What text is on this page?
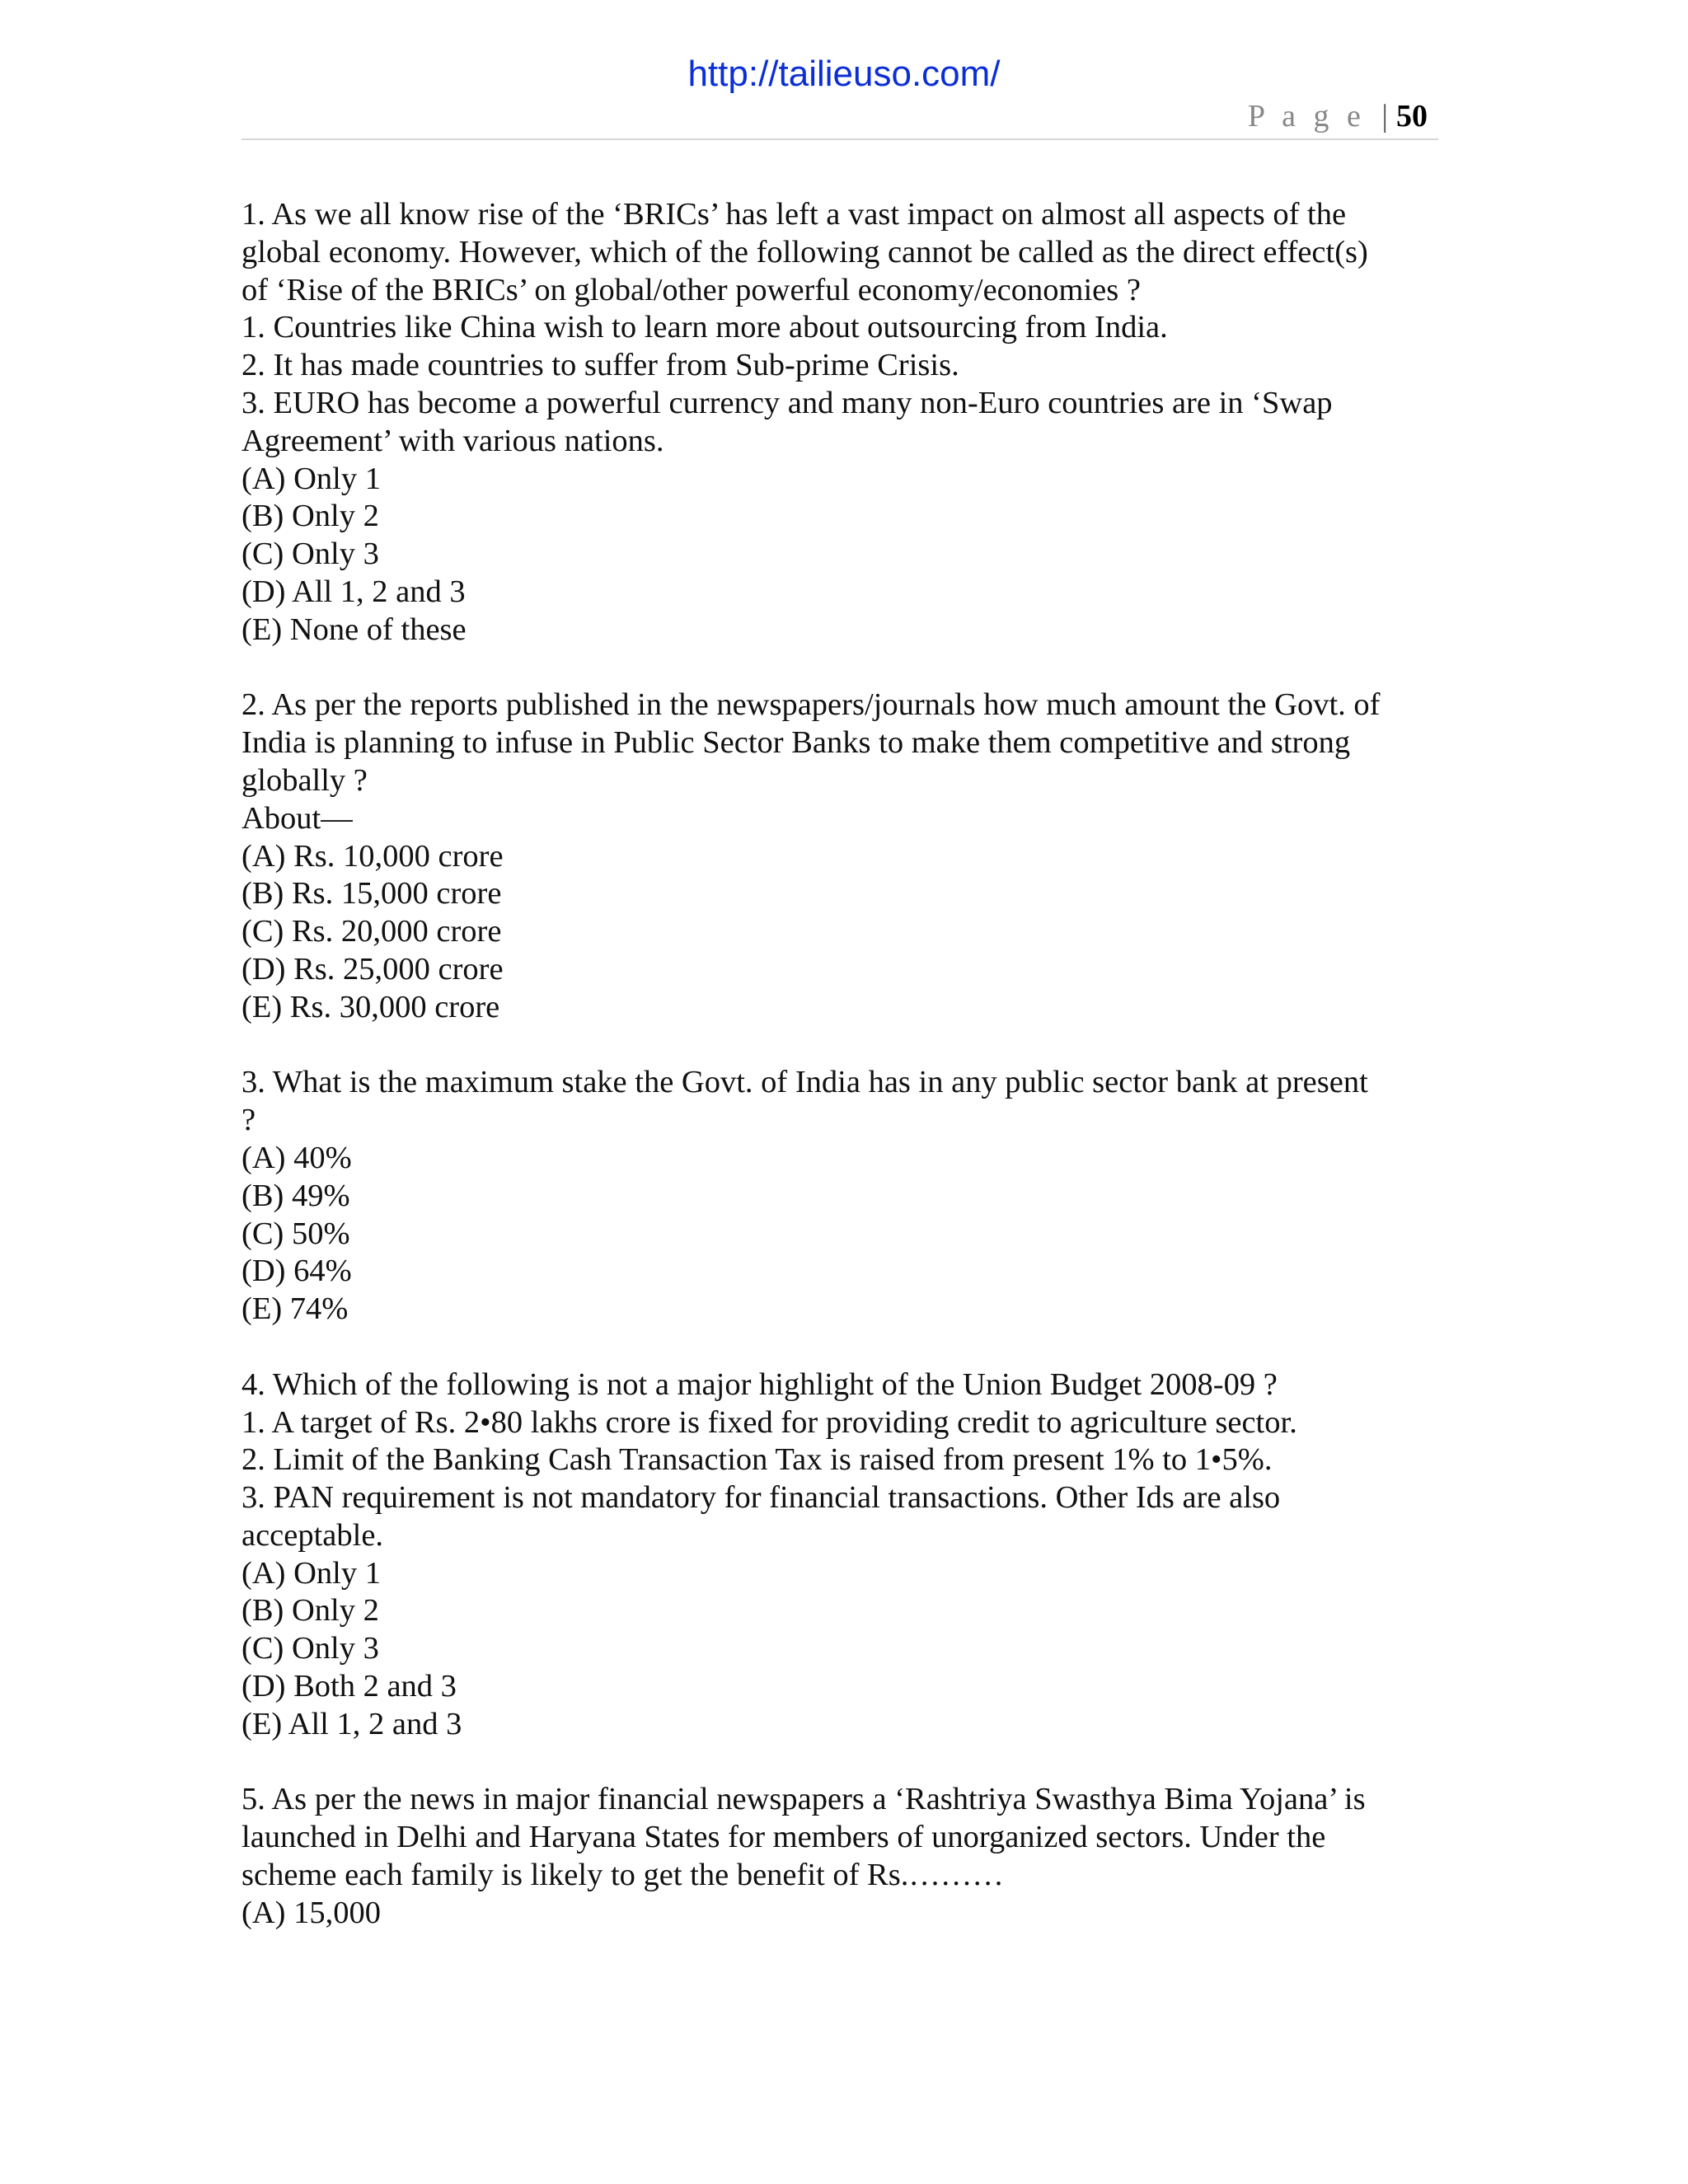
http://tailieuso.com/
P a g e | 50
1. As we all know rise of the ‘BRICs’ has left a vast impact on almost all aspects of the
global economy. However, which of the following cannot be called as the direct effect(s)
of ‘Rise of the BRICs’ on global/other powerful economy/economies ?
1. Countries like China wish to learn more about outsourcing from India.
2. It has made countries to suffer from Sub-prime Crisis.
3. EURO has become a powerful currency and many non-Euro countries are in ‘Swap
Agreement’ with various nations.
(A) Only 1
(B) Only 2
(C) Only 3
(D) All 1, 2 and 3
(E) None of these
2. As per the reports published in the newspapers/journals how much amount the Govt. of
India is planning to infuse in Public Sector Banks to make them competitive and strong
globally ?
About—
(A) Rs. 10,000 crore
(B) Rs. 15,000 crore
(C) Rs. 20,000 crore
(D) Rs. 25,000 crore
(E) Rs. 30,000 crore
3. What is the maximum stake the Govt. of India has in any public sector bank at present
?
(A) 40%
(B) 49%
(C) 50%
(D) 64%
(E) 74%
4. Which of the following is not a major highlight of the Union Budget 2008-09 ?
1. A target of Rs. 2•80 lakhs crore is fixed for providing credit to agriculture sector.
2. Limit of the Banking Cash Transaction Tax is raised from present 1% to 1•5%.
3. PAN requirement is not mandatory for financial transactions. Other Ids are also
acceptable.
(A) Only 1
(B) Only 2
(C) Only 3
(D) Both 2 and 3
(E) All 1, 2 and 3
5. As per the news in major financial newspapers a ‘Rashtriya Swasthya Bima Yojana’ is
launched in Delhi and Haryana States for members of unorganized sectors. Under the
scheme each family is likely to get the benefit of Rs.………
(A) 15,000
